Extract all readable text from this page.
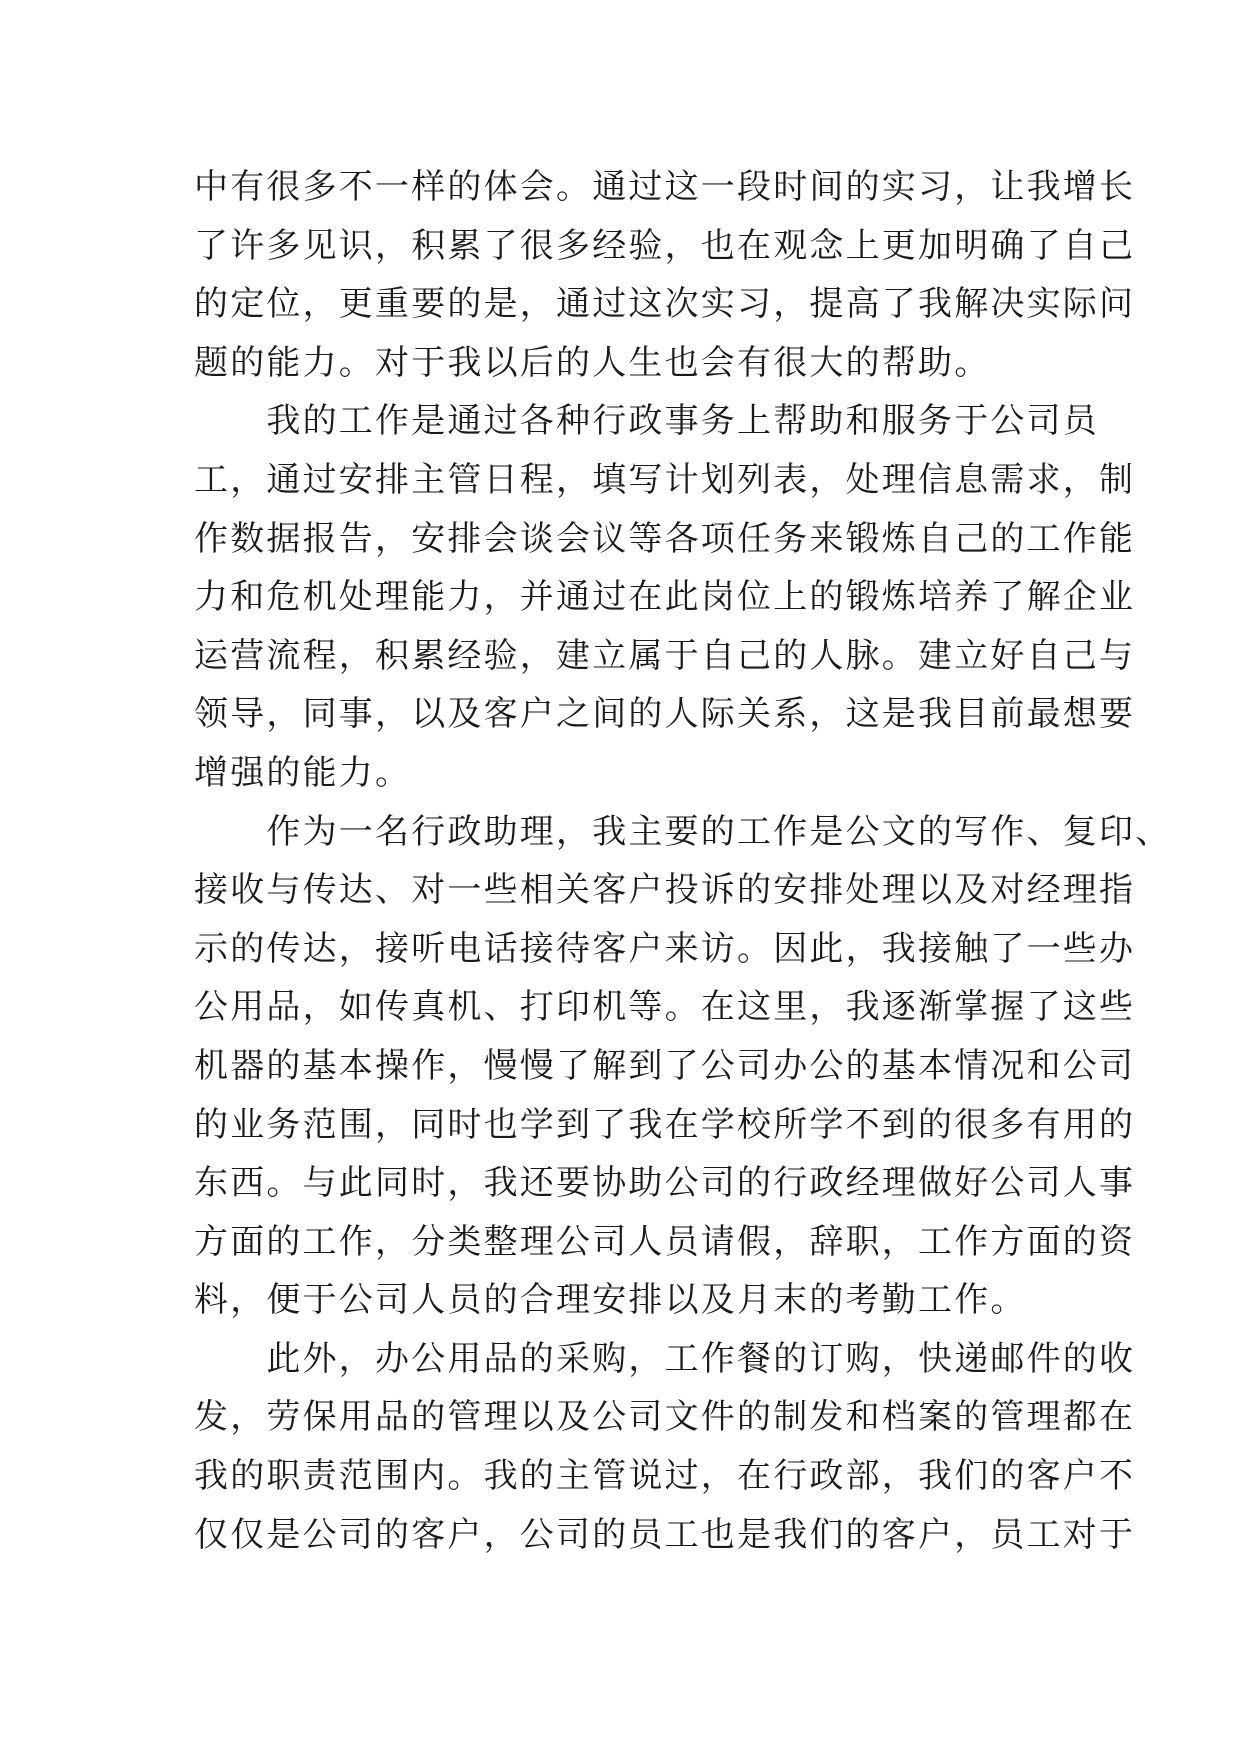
中有很多不一样的体会。通过这一段时间的实习，让我增长
了许多见识，积累了很多经验，也在观念上更加明确了自己
的定位，更重要的是，通过这次实习，提高了我解决实际问
题的能力。对于我以后的人生也会有很大的帮助。
　　我的工作是通过各种行政事务上帮助和服务于公司员
工，通过安排主管日程，填写计划列表，处理信息需求，制
作数据报告，安排会谈会议等各项任务来锻炼自己的工作能
力和危机处理能力，并通过在此岗位上的锻炼培养了解企业
运营流程，积累经验，建立属于自己的人脉。建立好自己与
领导，同事，以及客户之间的人际关系，这是我目前最想要
增强的能力。
　　作为一名行政助理，我主要的工作是公文的写作、复印、
接收与传达、对一些相关客户投诉的安排处理以及对经理指
示的传达，接听电话接待客户来访。因此，我接触了一些办
公用品，如传真机、打印机等。在这里，我逐渐掌握了这些
机器的基本操作，慢慢了解到了公司办公的基本情况和公司
的业务范围，同时也学到了我在学校所学不到的很多有用的
东西。与此同时，我还要协助公司的行政经理做好公司人事
方面的工作，分类整理公司人员请假，辞职，工作方面的资
料，便于公司人员的合理安排以及月末的考勤工作。
　　此外，办公用品的采购，工作餐的订购，快递邮件的收
发，劳保用品的管理以及公司文件的制发和档案的管理都在
我的职责范围内。我的主管说过，在行政部，我们的客户不
仅仅是公司的客户，公司的员工也是我们的客户，员工对于
